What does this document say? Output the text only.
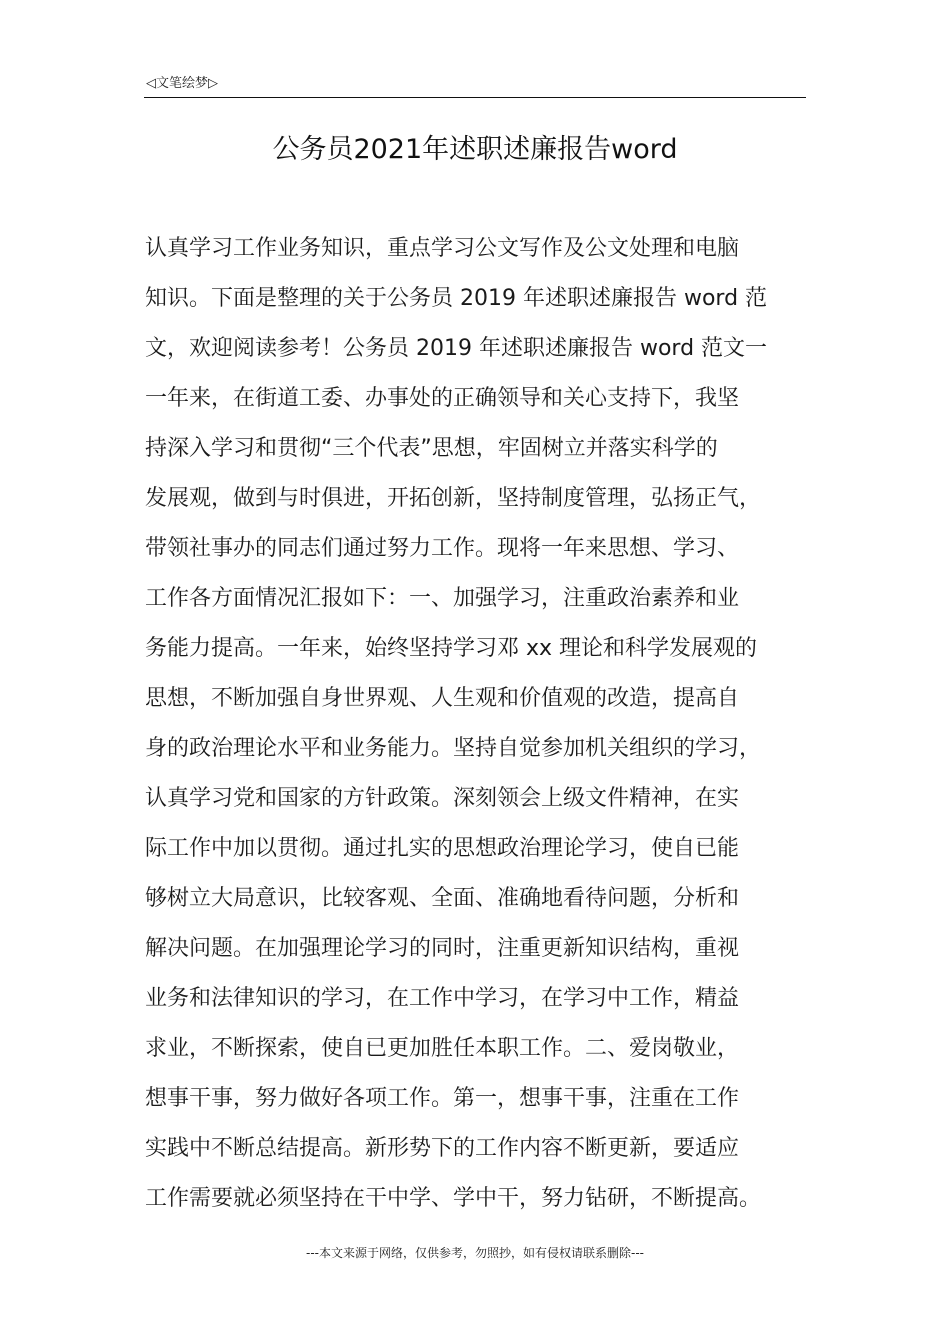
◁文笔绘梦▷
公务员2021年述职述廉报告word
认真学习工作业务知识，重点学习公文写作及公文处理和电脑
知识。下面是整理的关于公务员 2019 年述职述廉报告 word 范
文，欢迎阅读参考！公务员 2019 年述职述廉报告 word 范文一
一年来，在街道工委、办事处的正确领导和关心支持下，我坚
持深入学习和贯彻“三个代表”思想，牢固树立并落实科学的
发展观，做到与时俱进，开拓创新，坚持制度管理，弘扬正气，
带领社事办的同志们通过努力工作。现将一年来思想、学习、
工作各方面情况汇报如下：一、加强学习，注重政治素养和业
务能力提高。一年来，始终坚持学习邓 xx 理论和科学发展观的
思想，不断加强自身世界观、人生观和价值观的改造，提高自
身的政治理论水平和业务能力。坚持自觉参加机关组织的学习，
认真学习党和国家的方针政策。深刻领会上级文件精神，在实
际工作中加以贯彻。通过扎实的思想政治理论学习，使自已能
够树立大局意识，比较客观、全面、准确地看待问题，分析和
解决问题。在加强理论学习的同时，注重更新知识结构，重视
业务和法律知识的学习，在工作中学习，在学习中工作，精益
求业，不断探索，使自已更加胜任本职工作。二、爱岗敬业，
想事干事，努力做好各项工作。第一，想事干事，注重在工作
实践中不断总结提高。新形势下的工作内容不断更新，要适应
工作需要就必须坚持在干中学、学中干，努力钻研，不断提高。
---本文来源于网络，仅供参考，勿照抄，如有侵权请联系删除---
